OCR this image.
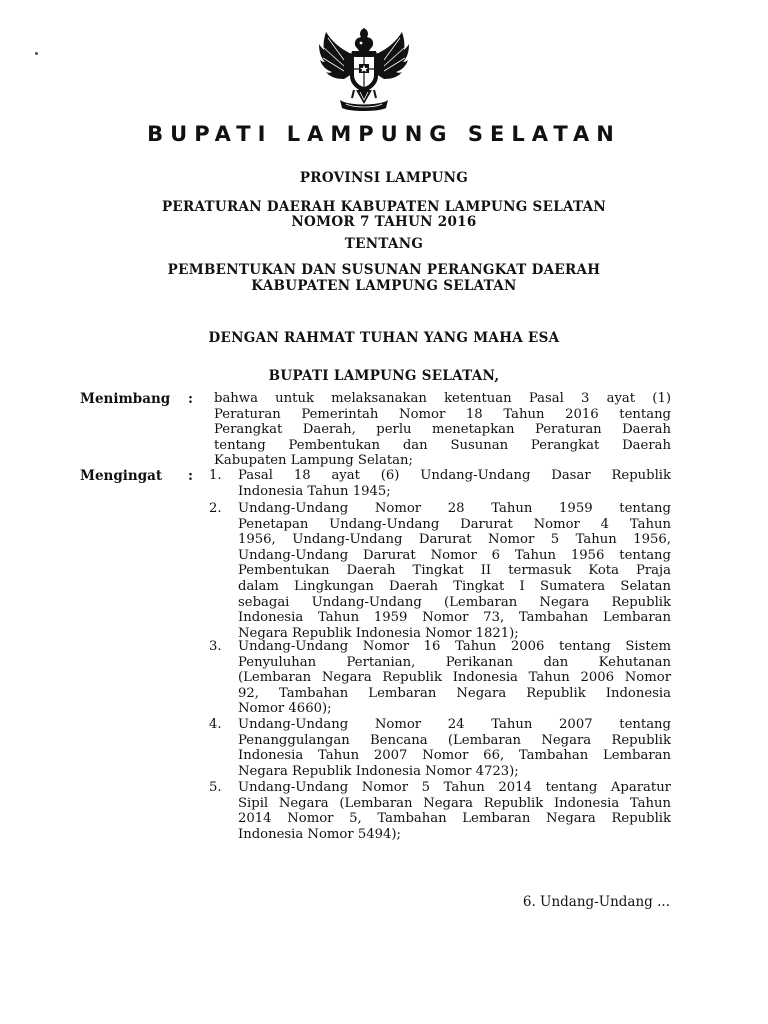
BUPATI LAMPUNG SELATAN
PROVINSI LAMPUNG
PERATURAN DAERAH KABUPATEN LAMPUNG SELATAN
NOMOR 7 TAHUN 2016
TENTANG
PEMBENTUKAN DAN SUSUNAN PERANGKAT DAERAH
KABUPATEN LAMPUNG SELATAN
DENGAN RAHMAT TUHAN YANG MAHA ESA
BUPATI LAMPUNG SELATAN,
Menimbang : bahwa untuk melaksanakan ketentuan Pasal 3 ayat (1)
Peraturan Pemerintah Nomor 18 Tahun 2016 tentang
Perangkat Daerah, perlu menetapkan Peraturan Daerah
tentang Pembentukan dan Susunan Perangkat Daerah
Kabupaten Lampung Selatan;
Mengingat : 1. Pasal 18 ayat (6) Undang-Undang Dasar Republik
Indonesia Tahun 1945;
2. Undang-Undang Nomor 28 Tahun 1959 tentang
Penetapan Undang-Undang Darurat Nomor 4 Tahun
1956, Undang-Undang Darurat Nomor 5 Tahun 1956,
Undang-Undang Darurat Nomor 6 Tahun 1956 tentang
Pembentukan Daerah Tingkat II termasuk Kota Praja
dalam Lingkungan Daerah Tingkat I Sumatera Selatan
sebagai Undang-Undang (Lembaran Negara Republik
Indonesia Tahun 1959 Nomor 73, Tambahan Lembaran
Negara Republik Indonesia Nomor 1821);
3. Undang-Undang Nomor 16 Tahun 2006 tentang Sistem
Penyuluhan Pertanian, Perikanan dan Kehutanan
(Lembaran Negara Republik Indonesia Tahun 2006 Nomor
92, Tambahan Lembaran Negara Republik Indonesia
Nomor 4660);
4. Undang-Undang Nomor 24 Tahun 2007 tentang
Penanggulangan Bencana (Lembaran Negara Republik
Indonesia Tahun 2007 Nomor 66, Tambahan Lembaran
Negara Republik Indonesia Nomor 4723);
5. Undang-Undang Nomor 5 Tahun 2014 tentang Aparatur
Sipil Negara (Lembaran Negara Republik Indonesia Tahun
2014 Nomor 5, Tambahan Lembaran Negara Republik
Indonesia Nomor 5494);
6. Undang-Undang ...
